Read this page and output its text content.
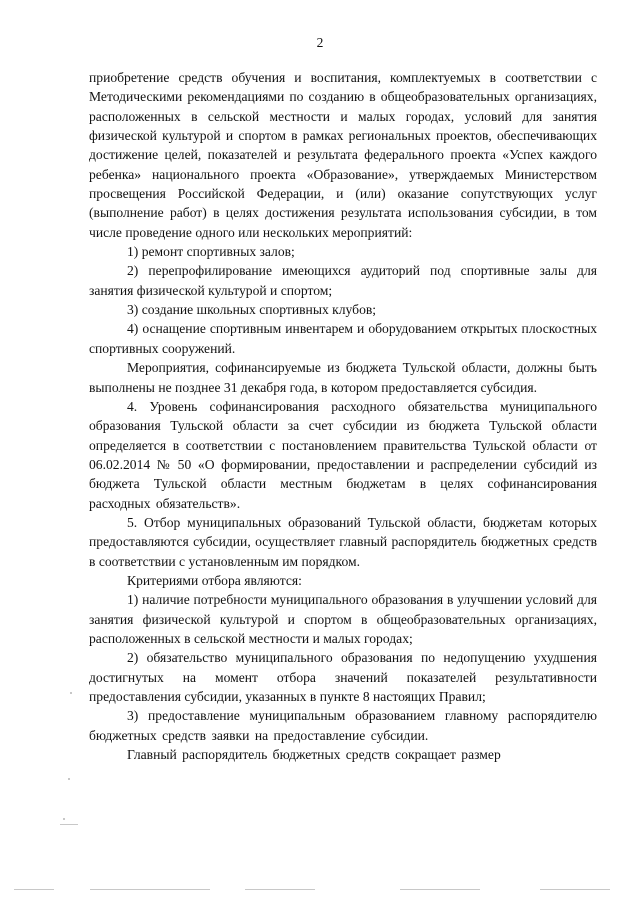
2

приобретение средств обучения и воспитания, комплектуемых в соответствии с Методическими рекомендациями по созданию в общеобразовательных организациях, расположенных в сельской местности и малых городах, условий для занятия физической культурой и спортом в рамках региональных проектов, обеспечивающих достижение целей, показателей и результата федерального проекта «Успех каждого ребенка» национального проекта «Образование», утверждаемых Министерством просвещения Российской Федерации, и (или) оказание сопутствующих услуг (выполнение работ) в целях достижения результата использования субсидии, в том числе проведение одного или нескольких мероприятий:

1) ремонт спортивных залов;

2) перепрофилирование имеющихся аудиторий под спортивные залы для занятия физической культурой и спортом;

3) создание школьных спортивных клубов;

4) оснащение спортивным инвентарем и оборудованием открытых плоскостных спортивных сооружений.

Мероприятия, софинансируемые из бюджета Тульской области, должны быть выполнены не позднее 31 декабря года, в котором предоставляется субсидия.

4. Уровень софинансирования расходного обязательства муниципального образования Тульской области за счет субсидии из бюджета Тульской области определяется в соответствии с постановлением правительства Тульской области от 06.02.2014 № 50 «О формировании, предоставлении и распределении субсидий из бюджета Тульской области местным бюджетам в целях софинансирования расходных обязательств».

5. Отбор муниципальных образований Тульской области, бюджетам которых предоставляются субсидии, осуществляет главный распорядитель бюджетных средств в соответствии с установленным им порядком.

Критериями отбора являются:

1) наличие потребности муниципального образования в улучшении условий для занятия физической культурой и спортом в общеобразовательных организациях, расположенных в сельской местности и малых городах;

2) обязательство муниципального образования по недопущению ухудшения достигнутых на момент отбора значений показателей результативности предоставления субсидии, указанных в пункте 8 настоящих Правил;

3) предоставление муниципальным образованием главному распорядителю бюджетных средств заявки на предоставление субсидии.

Главный распорядитель бюджетных средств сокращает размер
